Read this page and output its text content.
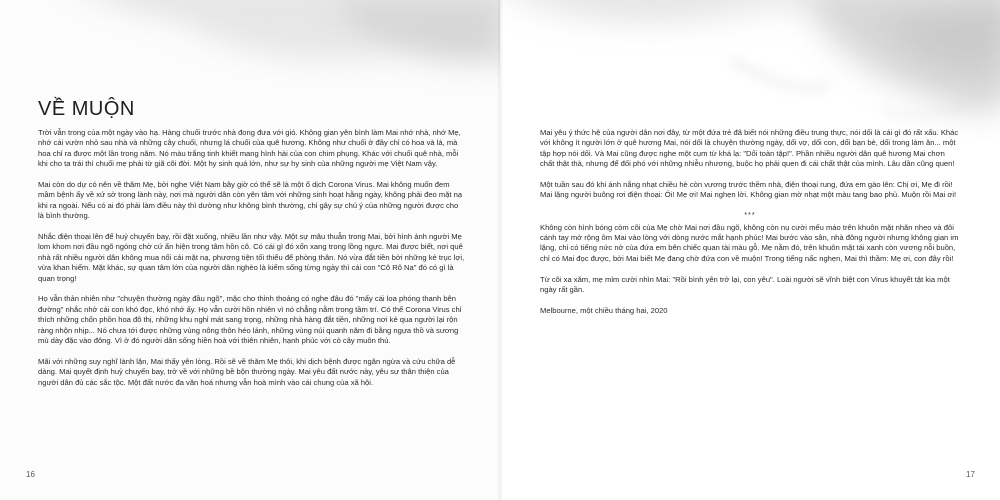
16	17
VỀ MUỘN

Trời vẫn trong của một ngày vào hạ. Hàng chuối trước nhà đong đưa với gió. Không gian yên bình làm Mai nhớ nhà, nhớ Mẹ, nhớ cái vườn nhỏ sau nhà và những cây chuối, nhưng lá chuối của quê hương. Không như chuối ở đây chỉ có hoa và lá, mà hoa chỉ ra được một lần trong năm. Nó màu trắng tinh khiết mang hình hài của con chim phụng. Khác với chuối quê nhà, mỗi khi cho ta trái thì chuối mẹ phải từ giã cõi đời. Một hy sinh quá lớn, như sự hy sinh của những người mẹ Việt Nam vậy.

Mai còn do dự có nên về thăm Mẹ, bởi nghe Việt Nam bây giờ có thể sẽ là một ổ dịch Corona Virus. Mai không muốn đem mầm bệnh ấy về xứ sở trong lành này, nơi mà người dân còn yên tâm với những sinh hoạt hằng ngày, không phải đeo mặt nạ khi ra ngoài. Nếu có ai đó phải làm điều này thì dường như không bình thường, chỉ gây sự chú ý của những người được cho là bình thường.

Nhắc điện thoại lên để huỷ chuyến bay, rồi đặt xuống, nhiều lần như vậy. Một sự mâu thuẫn trong Mai, bởi hình ảnh người Mẹ lom khom nơi đầu ngõ ngóng chờ cứ ẩn hiện trong tâm hồn cô. Có cái gì đó xốn xang trong lồng ngực. Mai được biết, nơi quê nhà rất nhiều người dân không mua nổi cái mặt nạ, phương tiện tối thiểu để phòng thân. Nó vừa đắt tiền bởi những kẻ trục lợi, vừa khan hiếm. Mặt khác, sự quan tâm lớn của người dân nghèo là kiếm sống từng ngày thì cái con "Cô Rô Na" đó có gì là quan trọng!

Họ vẫn thản nhiên như "chuyện thường ngày đầu ngõ", mặc cho thỉnh thoảng có nghe đâu đó "mấy cái loa phóng thanh bên đường" nhắc nhở cái con khó đọc, khó nhớ ấy. Họ vẫn cười hồn nhiên vì nó chẳng nằm trong tầm trí. Có thể Corona Virus chỉ thích những chốn phồn hoa đô thị, những khu nghỉ mát sang trọng, những nhà hàng đắt tiền, những nơi kẻ qua người lại rộn ràng nhộn nhịp... Nó chưa tới được những vùng nông thôn héo lánh, những vùng núi quanh năm đi bằng ngựa thồ và sương mù dày đặc vào đông. Vì ở đó người dân sống hiền hoà với thiên nhiên, hạnh phúc với cỏ cây muôn thú.

Mãi với những suy nghĩ lành lặn, Mai thấy yên lòng. Rồi sẽ về thăm Mẹ thôi, khi dịch bệnh được ngăn ngừa và cứu chữa dễ dàng. Mai quyết định huỷ chuyến bay, trở về với những bề bộn thường ngày. Mai yêu đất nước này, yêu sự thân thiện của người dân đủ các sắc tộc. Một đất nước đa văn hoá nhưng vẫn hoà mình vào cái chung của xã hội.

Mai yêu ý thức hệ của người dân nơi đây, từ một đứa trẻ đã biết nói những điều trung thực, nói dối là cái gì đó rất xấu. Khác với không ít người lớn ở quê hương Mai, nói dối là chuyện thường ngày, dối vợ, dối con, dối bạn bè, dối trong làm ăn... một tập hợp nói dối. Và Mai cũng được nghe một cụm từ khá lạ: "Dối toàn tập!". Phần nhiều người dân quê hương Mai chơn chất thật thà, nhưng để đối phó với những nhiễu nhương, buộc họ phải quen đi cái chất thật của mình. Lâu dần cũng quen!

Một tuần sau đó khi ánh nắng nhạt chiều hè còn vương trước thềm nhà, điện thoại rung, đứa em gào lên: Chị ơi, Mẹ đi rồi! Mai lặng người buông rơi điện thoại: Ôi! Mẹ ơi! Mai nghẹn lời. Không gian mờ nhạt một màu tang bao phủ. Muộn rồi Mai ơi!

***

Không còn hình bóng còm cõi của Mẹ chờ Mai nơi đầu ngõ, không còn nụ cười mếu máo trên khuôn mặt nhăn nheo và đôi cánh tay mở rộng ôm Mai vào lòng với dòng nước mắt hạnh phúc! Mai bước vào sân, nhà đông người nhưng không gian im lặng, chỉ có tiếng nức nở của đứa em bên chiếc quan tài màu gỗ. Mẹ nằm đó, trên khuôn mặt tái xanh còn vương nỗi buồn, chỉ có Mai đọc được, bởi Mai biết Mẹ đang chờ đứa con về muộn! Trong tiếng nấc nghẹn, Mai thì thầm: Mẹ ơi, con đây rồi!

Từ cõi xa xăm, mẹ mỉm cười nhìn Mai: "Rồi bình yên trở lại, con yêu". Loài người sẽ vĩnh biệt con Virus khuyết tật kia một ngày rất gần.

Melbourne, một chiều tháng hai, 2020
